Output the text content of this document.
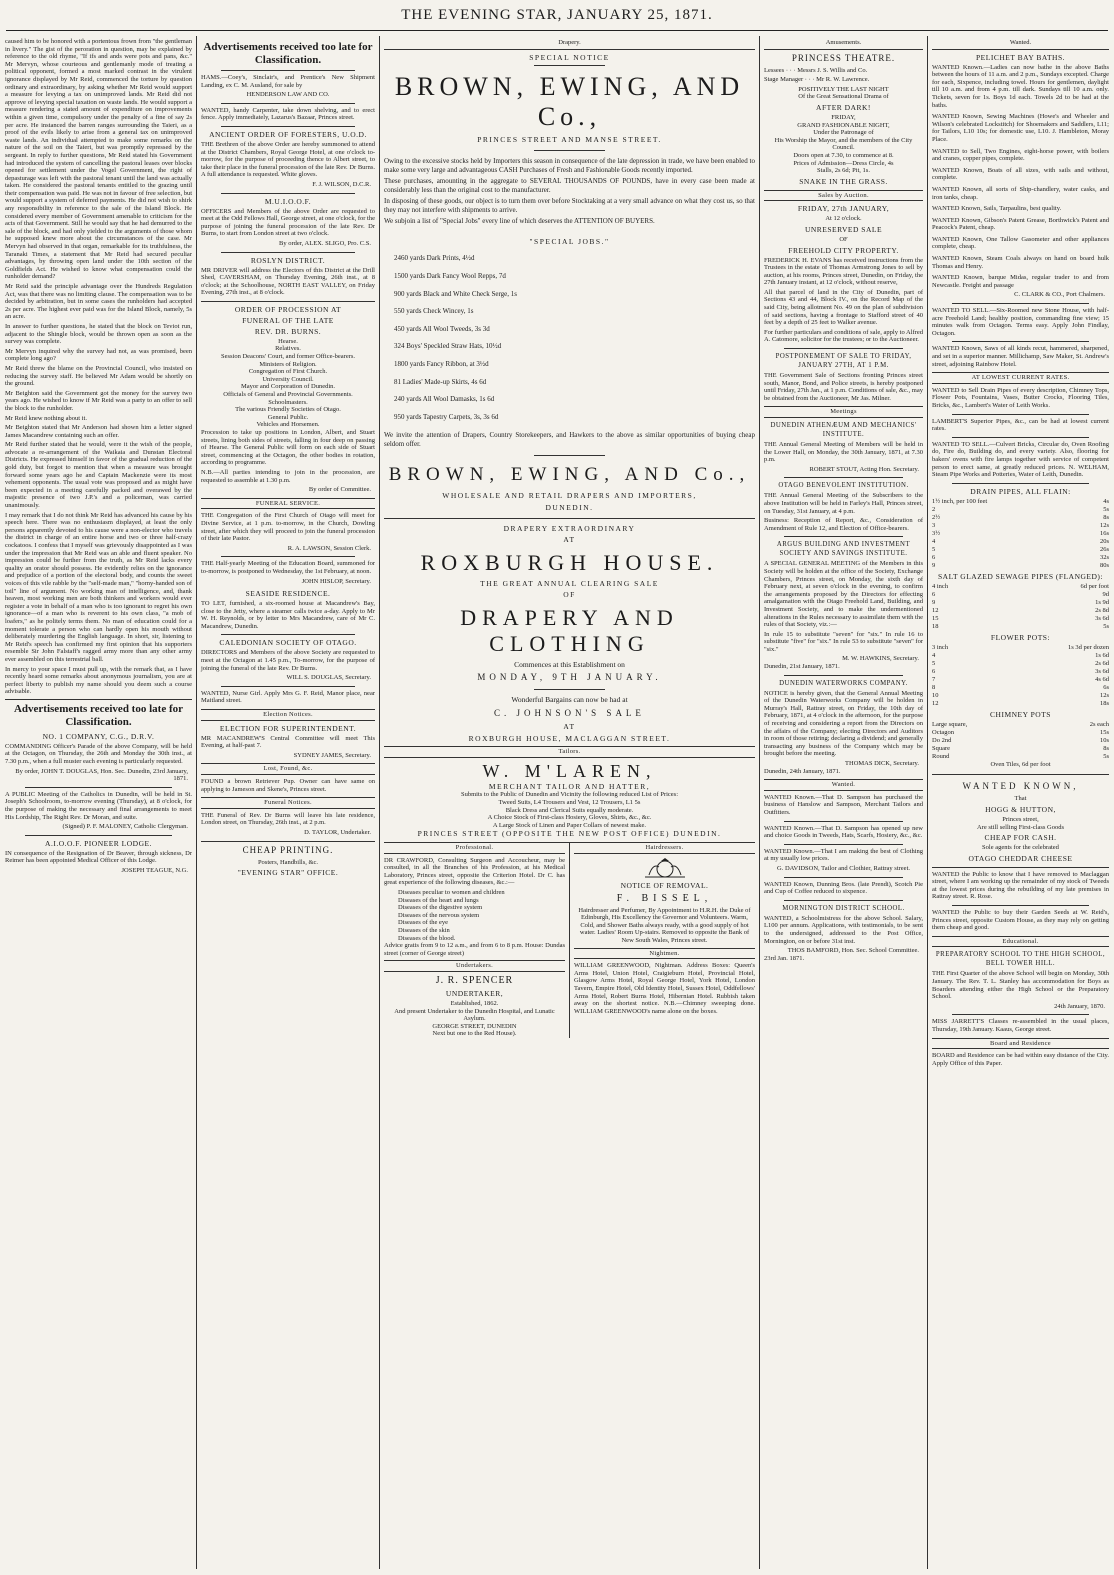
THE EVENING STAR, JANUARY 25, 1871.

caused him to be honored with a portentous frown from "the gentleman in livery." The gist of the peroration in question, may be explained by reference to the old rhyme, "If ifs and ands were pots and pans, &c." Mr Mervyn, whose courteous and gentlemanly mode of treating a political opponent, formed a most marked contrast in the virulent ignorance displayed by Mr Reid, commenced the torture by question ordinary and extraordinary, by asking whether Mr Reid would support a measure for levying a tax on unimproved lands. Mr Reid did not approve of levying special taxation on waste lands. He would support a measure rendering a stated amount of expenditure on improvements within a given time, compulsory under the penalty of a fine of say 2s per acre. He instanced the barren ranges surrounding the Taieri, as a proof of the evils likely to arise from a general tax on unimproved waste lands. An individual attempted to make some remarks on the nature of the soil on the Taieri, but was promptly repressed by the sergeant. In reply to further questions, Mr Reid stated his Government had introduced the system of cancelling the pastoral leases over blocks opened for settlement under the Vogel Government, the right of depasturage was left with the pastoral tenant until the land was actually taken. He considered the pastoral tenants entitled to the grazing until their compensation was paid. He was not in favour of free selection, but would support a system of deferred payments. He did not wish to shirk any responsibility in reference to the sale of the Island Block. He considered every member of Government amenable to criticism for the acts of that Government. Still he would say that he had demurred to the sale of the block, and had only yielded to the arguments of those whom he supposed knew more about the circumstances of the case. Mr Mervyn had observed in that organ, remarkable for its truthfulness, the Taranaki Times, a statement that Mr Reid had secured peculiar advantages, by throwing open land under the 10th section of the Goldfields Act. He wished to know what compensation could the runholder demand?

Mr Reid said the principle advantage over the Hundreds Regulation Act, was that there was no limiting clause. The compensation was to be decided by arbitration, but in some cases the runholders had accepted 2s per acre. The highest ever paid was for the Island Block, namely, 5s an acre.

In answer to further questions, he stated that the block on Teviot run, adjacent to the Shingle block, would be thrown open as soon as the survey was complete.

Mr Mervyn inquired why the survey had not, as was promised, been complete long ago?

Mr Reid threw the blame on the Provincial Council, who insisted on reducing the survey staff. He believed Mr Adam would be shortly on the ground.

Mr Beighton said the Government got the money for the survey two years ago. He wished to know if Mr Reid was a party to an offer to sell the block to the runholder.

Mr Reid knew nothing about it.

Mr Beighton stated that Mr Anderson had shown him a letter signed James Macandrew containing such an offer.

Mr Reid further stated that he would, were it the wish of the people, advocate a re-arrangement of the Waikaia and Dunstan Electoral Districts. He expressed himself in favor of the gradual reduction of the gold duty, but forgot to mention that when a measure was brought forward some years ago he and Captain Mackenzie were its most vehement opponents. The usual vote was proposed and as might have been expected in a meeting carefully packed and overawed by the majestic presence of two J.P.'s and a policeman, was carried unanimously.

I may remark that I do not think Mr Reid has advanced his cause by his speech here. There was no enthusiasm displayed, at least the only persons apparently devoted to his cause were a non-elector who travels the district in charge of an entire horse and two or three half-crazy cockatoos. I confess that I myself was grievously disappointed as I was under the impression that Mr Reid was an able and fluent speaker. No impression could be further from the truth, as Mr Reid lacks every quality an orator should possess. He evidently relies on the ignorance and prejudice of a portion of the electoral body, and counts the sweet voices of this vile rabble by the "self-made man," "horny-handed son of toil" line of argument. No working man of intelligence, and, thank heaven, most working men are both thinkers and workers would ever register a vote in behalf of a man who is too ignorant to regret his own ignorance—of a man who is reverent to his own class, "a mob of loafers," as he politely terms them. No man of education could for a moment tolerate a person who can hardly open his mouth without deliberately murdering the English language. In short, sir, listening to Mr Reid's speech has confirmed my first opinion that his supporters resemble Sir John Falstaff's ragged army more than any other army ever assembled on this terrestrial ball.

In mercy to your space I must pull up, with the remark that, as I have recently heard some remarks about anonymous journalism, you are at perfect liberty to publish my name should you deem such a course advisable.

Advertisements received too late for Classification.
NO. 1 COMPANY, C.G., D.R.V.

COMMANDING Officer's Parade of the above Company, will be held at the Octagon, on Thursday, the 26th and Monday the 30th inst., at 7.30 p.m., when a full muster each evening is particularly requested.

By order, JOHN T. DOUGLAS, Hon. Sec. Dunedin, 23rd January, 1871.

A PUBLIC Meeting of the Catholics in Dunedin, will be held in St. Joseph's Schoolroom, to-morrow evening (Thursday), at 8 o'clock, for the purpose of making the necessary and final arrangements to meet His Lordship, The Right Rev. Dr Moran, and suite.

(Signed) P. F. MALONEY, Catholic Clergyman.

A.I.O.O.F. PIONEER LODGE.

IN consequence of the Resignation of Dr Beaver, through sickness, Dr Reimer has been appointed Medical Officer of this Lodge.

JOSEPH TEAGUE, N.G.

Advertisements received too late for Classification.

HAMS.—Coey's, Sinclair's, and Prentice's New Shipment Landing, ex C. M. Ausland, for sale by

HENDERSON LAW AND CO.

WANTED, handy Carpenter, take down shelving, and to erect fence. Apply immediately, Lazarus's Bazaar, Princes street.

ANCIENT ORDER OF FORESTERS, U.O.D.

THE Brethren of the above Order are hereby summoned to attend at the District Chambers, Royal George Hotel, at one o'clock to-morrow, for the purpose of proceeding thence to Albert street, to take their place in the funeral procession of the late Rev. Dr Burns. A full attendance is requested. White gloves.

F. J. WILSON, D.C.R.

M.U.I.O.O.F.

OFFICERS and Members of the above Order are requested to meet at the Odd Fellows Hall, George street, at one o'clock, for the purpose of joining the funeral procession of the late Rev. Dr Burns, to start from London street at two o'clock.

By order, ALEX. SLIGO, Pro. C.S.

ROSLYN DISTRICT.

MR DRIVER will address the Electors of this District at the Drill Shed, CAVERSHAM, on Thursday Evening, 26th inst., at 8 o'clock; at the Schoolhouse, NORTH EAST VALLEY, on Friday Evening, 27th inst., at 8 o'clock.

ORDER OF PROCESSION AT
FUNERAL OF THE LATE
REV. DR. BURNS.

Hearse.

Relatives.

Session Deacons' Court, and former Office-bearers.

Ministers of Religion.

Congregation of First Church.

University Council.

Mayor and Corporation of Dunedin.

Officials of General and Provincial Governments.

Schoolmasters.

The various Friendly Societies of Otago.

General Public.

Vehicles and Horsemen.

Procession to take up positions in London, Albert, and Stuart streets, lining both sides of streets, falling in four deep on passing of Hearse. The General Public will form on each side of Stuart street, commencing at the Octagon, the other bodies in rotation, according to programme.

N.B.—All parties intending to join in the procession, are requested to assemble at 1.30 p.m.

By order of Committee.

FUNERAL SERVICE.

THE Congregation of the First Church of Otago will meet for Divine Service, at 1 p.m. to-morrow, in the Church, Dowling street, after which they will proceed to join the funeral procession of their late Pastor.

R. A. LAWSON, Session Clerk.

THE Half-yearly Meeting of the Education Board, summoned for to-morrow, is postponed to Wednesday, the 1st February, at noon.

JOHN HISLOP, Secretary.

SEASIDE RESIDENCE.

TO LET, furnished, a six-roomed house at Macandrew's Bay, close to the Jetty, where a steamer calls twice a-day. Apply to Mr W. H. Reynolds, or by letter to Mrs Macandrew, care of Mr C. Macandrew, Dunedin.

CALEDONIAN SOCIETY OF OTAGO.

DIRECTORS and Members of the above Society are requested to meet at the Octagon at 1.45 p.m., To-morrow, for the purpose of joining the funeral of the late Rev. Dr Burns.

WILL S. DOUGLAS, Secretary.

WANTED, Nurse Girl. Apply Mrs G. F. Reid, Manor place, near Maitland street.

Election Notices.
ELECTION FOR SUPERINTENDENT.

MR MACANDREW'S Central Committee will meet This Evening, at half-past 7.

SYDNEY JAMES, Secretary.

Lost, Found, &c.

FOUND a brown Retriever Pup. Owner can have same on applying to Jameson and Skene's, Princes street.

Funeral Notices.

THE Funeral of Rev. Dr Burns will leave his late residence, London street, on Thursday, 26th inst., at 2 p.m.

D. TAYLOR, Undertaker.

CHEAP PRINTING.

Posters, Handbills, &c.

"EVENING STAR" OFFICE.
Drapery.
SPECIAL NOTICE
BROWN, EWING, AND Co.,
PRINCES STREET AND MANSE STREET.

Owing to the excessive stocks held by Importers this season in consequence of the late depression in trade, we have been enabled to make some very large and advantageous CASH Purchases of Fresh and Fashionable Goods recently imported.

These purchases, amounting in the aggregate to SEVERAL THOUSANDS OF POUNDS, have in every case been made at considerably less than the original cost to the manufacturer.

In disposing of these goods, our object is to turn them over before Stocktaking at a very small advance on what they cost us, so that they may not interfere with shipments to arrive.

We subjoin a list of "Special Jobs" every line of which deserves the ATTENTION OF BUYERS.

"SPECIAL JOBS."
2460 yards Dark Prints, 4½d
1500 yards Dark Fancy Wool Repps, 7d
900 yards Black and White Check Serge, 1s
550 yards Check Wincey, 1s
450 yards All Wool Tweeds, 3s 3d
324 Boys' Speckled Straw Hats, 10½d
1800 yards Fancy Ribbon, at 3½d
81 Ladies' Made-up Skirts, 4s 6d
240 yards All Wool Damasks, 1s 6d
950 yards Tapestry Carpets, 3s, 3s 6d

We invite the attention of Drapers, Country Storekeepers, and Hawkers to the above as similar opportunities of buying cheap seldom offer.

BROWN, EWING, AND Co.,
WHOLESALE AND RETAIL DRAPERS AND IMPORTERS,
DUNEDIN.
DRAPERY EXTRAORDINARY
AT
ROXBURGH HOUSE.
THE GREAT ANNUAL CLEARING SALE
OF
DRAPERY AND CLOTHING
Commences at this Establishment on
MONDAY, 9TH JANUARY.
Wonderful Bargains can now be had at
C. JOHNSON'S SALE
AT
ROXBURGH HOUSE, MACLAGGAN STREET.
Tailors.
W. M'LAREN,
MERCHANT TAILOR AND HATTER,

Submits to the Public of Dunedin and Vicinity the following reduced List of Prices:

Tweed Suits, L4 Trousers and Vest, 12 Trousers, L1 5s

Black Dress and Clerical Suits equally moderate.

A Choice Stock of First-class Hosiery, Gloves, Shirts, &c., &c.

A Large Stock of Linen and Paper Collars of newest make.

PRINCES STREET (OPPOSITE THE NEW POST OFFICE) DUNEDIN.
Professional.

DR CRAWFORD, Consulting Surgeon and Accoucheur, may be consulted, in all the Branches of his Profession, at his Medical Laboratory, Princes street, opposite the Criterion Hotel. Dr C. has great experience of the following diseases, &c.:—

Diseases peculiar to women and children
Diseases of the heart and lungs
Diseases of the digestive system
Diseases of the nervous system
Diseases of the eye
Diseases of the skin
Diseases of the blood.

Advice gratis from 9 to 12 a.m., and from 6 to 8 p.m. House: Dundas street (corner of George street)

Undertakers.
J. R. SPENCER
UNDERTAKER,

Established, 1862.

And present Undertaker to the Dunedin Hospital, and Lunatic Asylum.

GEORGE STREET, DUNEDIN

Next but one to the Red House).

Hairdressers.
NOTICE OF REMOVAL.
F. BISSEL,

Hairdresser and Perfumer, By Appointment to H.R.H. the Duke of Edinburgh, His Excellency the Governor and Volunteers. Warm, Cold, and Shower Baths always ready, with a good supply of hot water. Ladies' Room Up-stairs. Removed to opposite the Bank of New South Wales, Princes street.

Nightmen.

WILLIAM GREENWOOD, Nightman. Address Boxes: Queen's Arms Hotel, Union Hotel, Craigieburn Hotel, Provincial Hotel, Glasgow Arms Hotel, Royal George Hotel, York Hotel, London Tavern, Empire Hotel, Old Identity Hotel, Sussex Hotel, Oddfellows' Arms Hotel, Robert Burns Hotel, Hibernian Hotel. Rubbish taken away on the shortest notice. N.B.—Chimney sweeping done. WILLIAM GREENWOOD's name alone on the boxes.

Amusements.
PRINCESS THEATRE.

Lessees · · · Messrs J. S. Willis and Co.

Stage Manager · · · Mr R. W. Lawrence.

POSITIVELY THE LAST NIGHT

Of the Great Sensational Drama of

AFTER DARK!

FRIDAY,

GRAND FASHIONABLE NIGHT,

Under the Patronage of

His Worship the Mayor, and the members of the City Council.

Doors open at 7.30, to commence at 8.

Prices of Admission—Dress Circle, 4s

Stalls, 2s 6d; Pit, 1s.

SNAKE IN THE GRASS.
Sales by Auction.
FRIDAY, 27th JANUARY,

At 12 o'clock.

UNRESERVED SALE

OF

FREEHOLD CITY PROPERTY.

FREDERICK H. EVANS has received instructions from the Trustees in the estate of Thomas Armstrong Jones to sell by auction, at his rooms, Princes street, Dunedin, on Friday, the 27th January instant, at 12 o'clock, without reserve,

All that parcel of land in the City of Dunedin, part of Sections 43 and 44, Block IV., on the Record Map of the said City, being allotment No. 49 on the plan of subdivision of said sections, having a frontage to Stafford street of 40 feet by a depth of 25 feet to Walker avenue.

For further particulars and conditions of sale, apply to Alfred A. Catomore, solicitor for the trustees; or to the Auctioneer.

POSTPONEMENT OF SALE TO FRIDAY, JANUARY 27TH, AT 1 P.M.

THE Government Sale of Sections fronting Princes street south, Manor, Bond, and Police streets, is hereby postponed until Friday, 27th Jan., at 1 p.m. Conditions of sale, &c., may be obtained from the Auctioneer, Mr Jas. Milner.

Meetings
DUNEDIN ATHENÆUM AND MECHANICS' INSTITUTE.

THE Annual General Meeting of Members will be held in the Lower Hall, on Monday, the 30th January, 1871, at 7.30 p.m.

ROBERT STOUT, Acting Hon. Secretary.

OTAGO BENEVOLENT INSTITUTION.

THE Annual General Meeting of the Subscribers to the above Institution will be held in Farley's Hall, Princes street, on Tuesday, 31st January, at 4 p.m.

Business: Reception of Report, &c., Consideration of Amendment of Rule 12, and Election of Office-bearers.

ARGUS BUILDING AND INVESTMENT SOCIETY AND SAVINGS INSTITUTE.

A SPECIAL GENERAL MEETING of the Members in this Society will be holden at the office of the Society, Exchange Chambers, Princes street, on Monday, the sixth day of February next, at seven o'clock in the evening, to confirm the arrangements proposed by the Directors for effecting amalgamation with the Otago Freehold Land, Building, and Investment Society, and to make the undermentioned alterations in the Rules necessary to assimilate them with the rules of that Society, viz.:—

In rule 15 to substitute "seven" for "six." In rule 16 to substitute "five" for "six." In rule 53 to substitute "seven" for "six."

M. W. HAWKINS, Secretary.

Dunedin, 21st January, 1871.

DUNEDIN WATERWORKS COMPANY.

NOTICE is hereby given, that the General Annual Meeting of the Dunedin Waterworks Company will be holden in Murray's Hall, Rattray street, on Friday, the 10th day of February, 1871, at 4 o'clock in the afternoon, for the purpose of receiving and considering a report from the Directors on the affairs of the Company; electing Directors and Auditors in room of those retiring; declaring a dividend; and generally transacting any business of the Company which may be brought before the meeting.

THOMAS DICK, Secretary.

Dunedin, 24th January, 1871.

Wanted.

WANTED Known.—That D. Sampson has purchased the business of Hanslow and Sampson, Merchant Tailors and Outfitters.

WANTED Known.—That D. Sampson has opened up new and choice Goods in Tweeds, Hats, Scarfs, Hosiery, &c., &c.

WANTED Known.—That I am making the best of Clothing at my usually low prices.

G. DAVIDSON, Tailor and Clothier, Rattray street.

WANTED Known, Dunning Bros. (late Prendi), Scotch Pie and Cup of Coffee reduced to sixpence.

MORNINGTON DISTRICT SCHOOL.

WANTED, a Schoolmistress for the above School. Salary, L100 per annum. Applications, with testimonials, to be sent to the undersigned, addressed to the Post Office, Mornington, on or before 31st inst.

THOS BAMFORD, Hon. Sec. School Committee.

23rd Jan. 1871.

Wanted.
PELICHET BAY BATHS.

WANTED Known.—Ladies can now bathe in the above Baths between the hours of 11 a.m. and 2 p.m., Sundays excepted. Charge for each, Sixpence, including towel. Hours for gentlemen, daylight till 10 a.m. and from 4 p.m. till dark. Sundays till 10 a.m. only. Tickets, seven for 1s. Boys 1d each. Towels 2d to be had at the baths.

WANTED Known, Sewing Machines (Howe's and Wheeler and Wilson's celebrated Lockstitch) for Shoemakers and Saddlers, L11; for Tailors, L10 10s; for domestic use, L10. J. Hambleton, Moray Place.

WANTED to Sell, Two Engines, eight-horse power, with boilers and cranes, copper pipes, complete.

WANTED Known, Boats of all sizes, with sails and without, complete.

WANTED Known, all sorts of Ship-chandlery, water casks, and iron tanks, cheap.

WANTED Known, Sails, Tarpaulins, best quality.

WANTED Known, Gibson's Patent Grease, Borthwick's Patent and Peacock's Patent, cheap.

WANTED Known, One Tallow Gasometer and other appliances complete, cheap.

WANTED Known, Steam Coals always on hand on board hulk Thomas and Henry.

WANTED Known, barque Midas, regular trader to and from Newcastle. Freight and passage

C. CLARK & CO., Port Chalmers.

WANTED TO SELL.—Six-Roomed new Stone House, with half-acre Freehold Land; healthy position, commanding fine view; 15 minutes walk from Octagon. Terms easy. Apply John Findlay, Octagon.

WANTED Known, Saws of all kinds recut, hammered, sharpened, and set in a superior manner. Millichamp, Saw Maker, St. Andrew's street, adjoining Rainbow Hotel.

AT LOWEST CURRENT RATES.

WANTED to Sell Drain Pipes of every description, Chimney Tops, Flower Pots, Fountains, Vases, Butter Crocks, Flooring Tiles, Bricks, &c., Lambert's Water of Leith Works.

LAMBERT'S Superior Pipes, &c., can be had at lowest current rates.

WANTED TO SELL.—Culvert Bricks, Circular do, Oven Roofing do, Fire do, Building do, and every variety. Also, flooring for bakers' ovens with fire lamps together with service of competent person to erect same, at greatly reduced prices. N. WELHAM, Steam Pipe Works and Potteries, Water of Leith, Dunedin.

DRAIN PIPES, ALL FLAIN:
1½ inch, per 100 feet	4s
2	5s
2½	8s
3	12s
3½	16s
4	20s
5	26s
6	32s
9	80s
SALT GLAZED SEWAGE PIPES (FLANGED):
4 inch	6d per foot
6	9d
9	1s 9d
12	2s 8d
15	3s 6d
18	5s
FLOWER POTS:
3 inch	1s 3d per dozen
4	1s 6d
5	2s 6d
6	3s 6d
7	4s 6d
8	6s
10	12s
12	18s
CHIMNEY POTS
Large square,	2s each
Octagon	15s
Do 2nd	10s
Square	8s
Round	5s

Oven Tiles, 6d per foot

WANTED KNOWN,

That

HOGG & HUTTON,

Princes street,

Are still selling First-class Goods

CHEAP FOR CASH.

Sole agents for the celebrated

OTAGO CHEDDAR CHEESE

WANTED the Public to know that I have removed to Maclaggan street, where I am working up the remainder of my stock of Tweeds at the lowest prices during the rebuilding of my late premises in Rattray street. R. Rose.

WANTED the Public to buy their Garden Seeds at W. Reid's, Princes street, opposite Custom House, as they may rely on getting them cheap and good.

Educational.
PREPARATORY SCHOOL TO THE HIGH SCHOOL, BELL TOWER HILL.

THE First Quarter of the above School will begin on Monday, 30th January. The Rev. T. L. Stanley has accommodation for Boys as Boarders attending either the High School or the Preparatory School.

24th January, 1870.

MISS JARRETT'S Classes re-assembled in the usual places, Thursday, 19th January. Kaaus, George street.

Board and Residence

BOARD and Residence can be had within easy distance of the City. Apply Office of this Paper.
